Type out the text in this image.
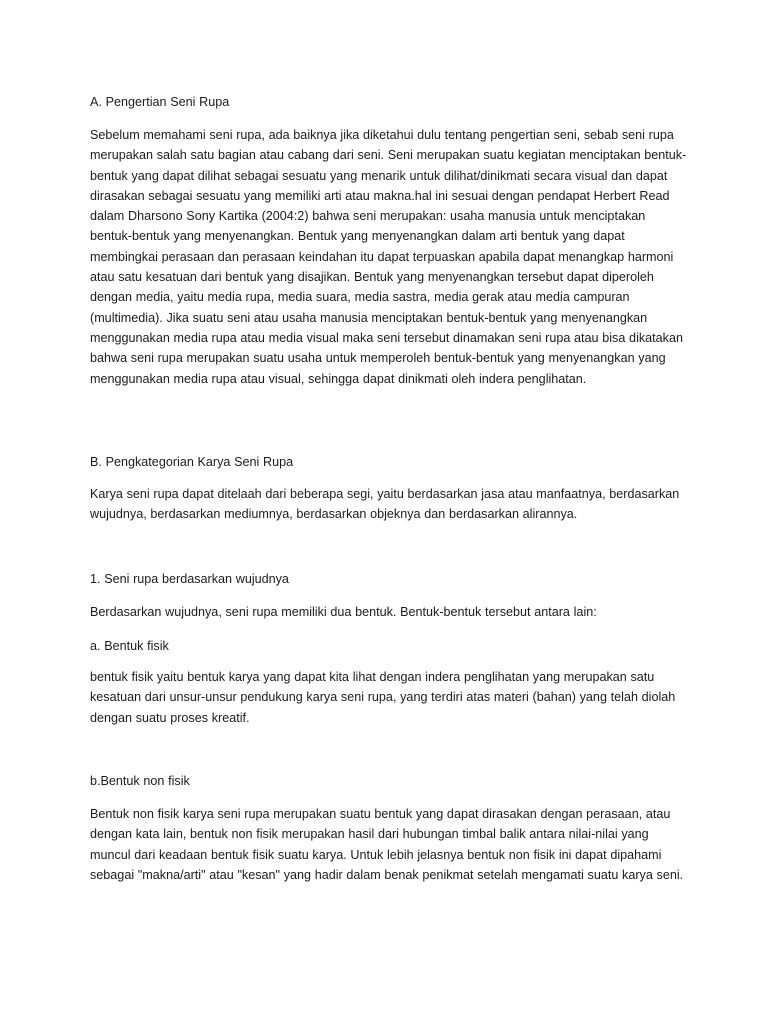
A. Pengertian Seni Rupa

Sebelum memahami seni rupa, ada baiknya jika diketahui dulu tentang pengertian seni, sebab seni rupa merupakan salah satu bagian atau cabang dari seni. Seni merupakan suatu kegiatan menciptakan bentuk-bentuk yang dapat dilihat sebagai sesuatu yang menarik untuk dilihat/dinikmati secara visual dan dapat dirasakan sebagai sesuatu yang memiliki arti atau makna.hal ini sesuai dengan pendapat Herbert Read dalam Dharsono Sony Kartika (2004:2) bahwa seni merupakan: usaha manusia untuk menciptakan bentuk-bentuk yang menyenangkan. Bentuk yang menyenangkan dalam arti bentuk yang dapat membingkai perasaan dan perasaan keindahan itu dapat terpuaskan apabila dapat menangkap harmoni atau satu kesatuan dari bentuk yang disajikan. Bentuk yang menyenangkan tersebut dapat diperoleh dengan media, yaitu media rupa, media suara, media sastra, media gerak atau media campuran (multimedia). Jika suatu seni atau usaha manusia menciptakan bentuk-bentuk yang menyenangkan menggunakan media rupa atau media visual maka seni tersebut dinamakan seni rupa atau bisa dikatakan bahwa seni rupa merupakan suatu usaha untuk memperoleh bentuk-bentuk yang menyenangkan yang menggunakan media rupa atau visual, sehingga dapat dinikmati oleh indera penglihatan.

B. Pengkategorian Karya Seni Rupa

Karya seni rupa dapat ditelaah dari beberapa segi, yaitu berdasarkan jasa atau manfaatnya, berdasarkan wujudnya, berdasarkan mediumnya, berdasarkan objeknya dan berdasarkan alirannya.

1. Seni rupa berdasarkan wujudnya

Berdasarkan wujudnya, seni rupa memiliki dua bentuk. Bentuk-bentuk tersebut antara lain:

a. Bentuk fisik

bentuk fisik yaitu bentuk karya yang dapat kita lihat dengan indera penglihatan yang merupakan satu kesatuan dari unsur-unsur pendukung karya seni rupa, yang terdiri atas materi (bahan) yang telah diolah dengan suatu proses kreatif.

b.Bentuk non fisik

Bentuk non fisik karya seni rupa merupakan suatu bentuk yang dapat dirasakan dengan perasaan, atau dengan kata lain, bentuk non fisik merupakan hasil dari hubungan timbal balik antara nilai-nilai yang muncul dari keadaan bentuk fisik suatu karya. Untuk lebih jelasnya bentuk non fisik ini dapat dipahami sebagai "makna/arti" atau "kesan" yang hadir dalam benak penikmat setelah mengamati suatu karya seni.
